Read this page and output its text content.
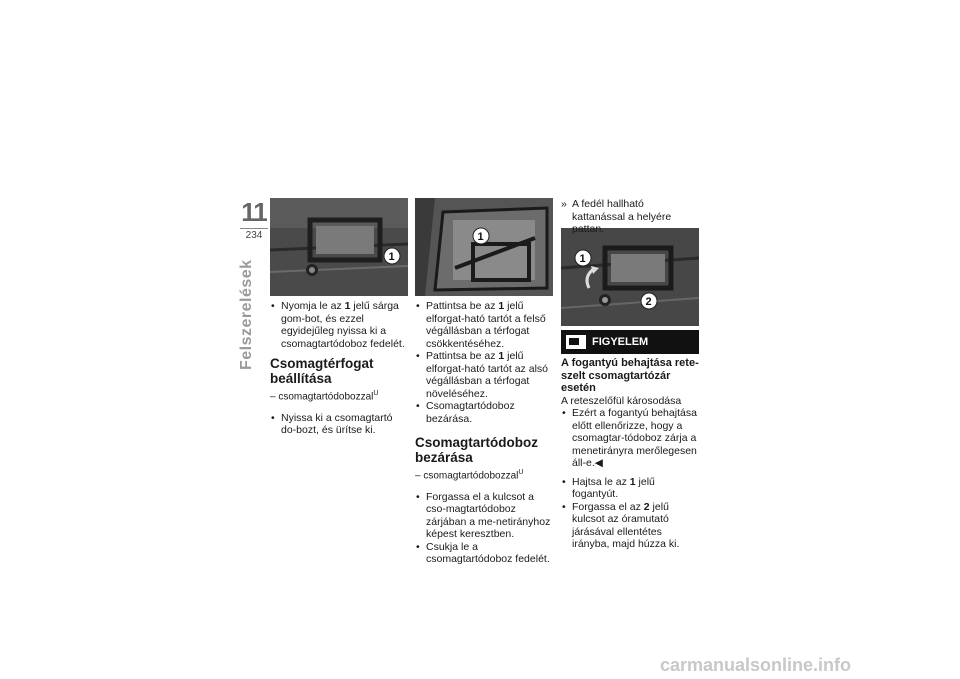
11
234
Felszerelések
1
1
1
2
• Nyomja le az 1 jelű sárga gom-bot, és ezzel egyidejűleg nyissa ki a csomagtartódoboz fedelét.
Csomagtérfogat beállítása
– csomagtartódobozzal$^U$
• Nyissa ki a csomagtartó do-bozt, és ürítse ki.
• Pattintsa be az 1 jelű elforgat-ható tartót a felső végállásban a térfogat csökkentéséhez.
• Pattintsa be az 1 jelű elforgat-ható tartót az alsó végállásban a térfogat növeléséhez.
• Csomagtartódoboz bezárása.
Csomagtartódoboz bezárása
– csomagtartódobozzal$^U$
• Forgassa el a kulcsot a cso-magtartódoboz zárjában a me-netirányhoz képest keresztben.
• Csukja le a csomagtartódoboz fedelét.
» A fedél hallható kattanással a helyére pattan.
FIGYELEM
A fogantyú behajtása rete-szelt csomagtartózár esetén
A reteszelőfül károsodása
• Ezért a fogantyú behajtása előtt ellenőrizze, hogy a csomagtar-tódoboz zárja a menetirányra merőlegesen áll-e.◀
• Hajtsa le az 1 jelű fogantyút.
• Forgassa el az 2 jelű kulcsot az óramutató járásával ellentétes irányba, majd húzza ki.
carmanualsonline.info
